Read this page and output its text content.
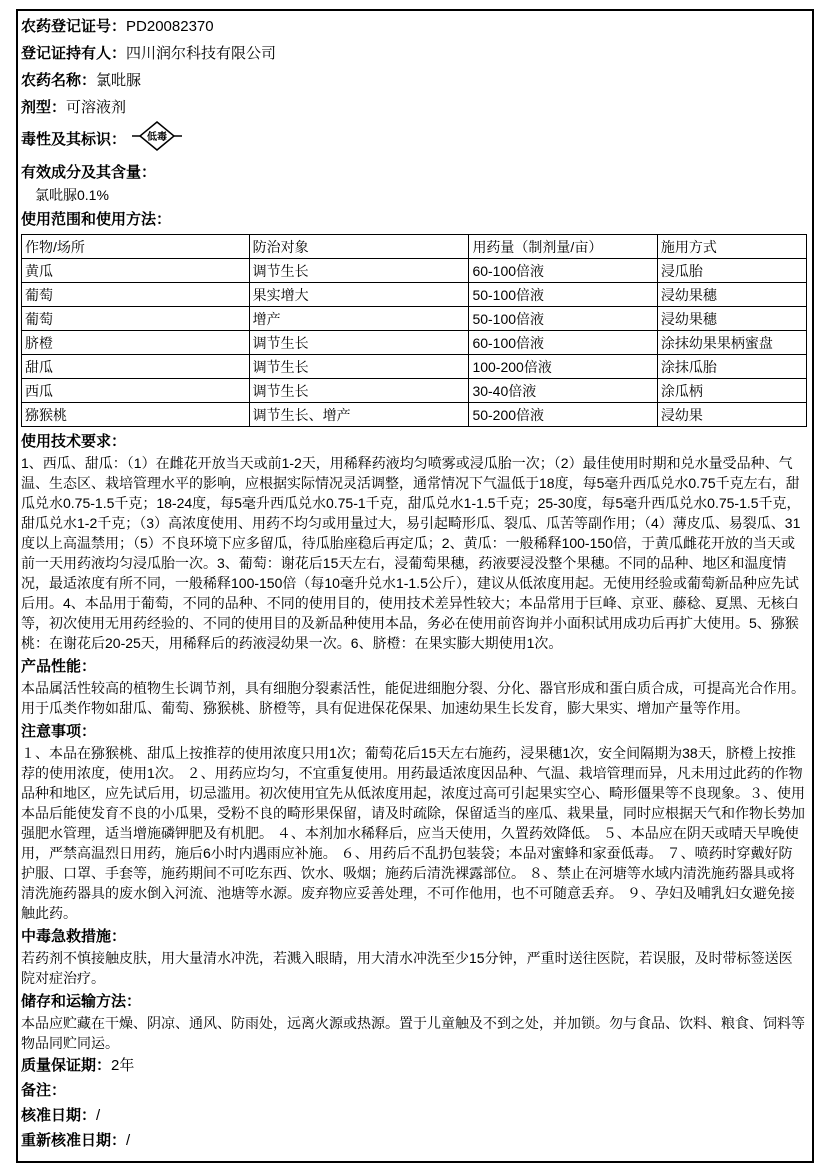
农药登记证号：PD20082370
登记证持有人：四川润尔科技有限公司
农药名称：氯吡脲
剂型：可溶液剂
毒性及其标识： 低毒
有效成分及其含量：
氯吡脲0.1%
使用范围和使用方法：
作物/场所	防治对象	用药量（制剂量/亩）	施用方式
黄瓜	调节生长	60-100倍液	浸瓜胎
葡萄	果实增大	50-100倍液	浸幼果穗
葡萄	增产	50-100倍液	浸幼果穗
脐橙	调节生长	60-100倍液	涂抹幼果果柄蜜盘
甜瓜	调节生长	100-200倍液	涂抹瓜胎
西瓜	调节生长	30-40倍液	涂瓜柄
猕猴桃	调节生长、增产	50-200倍液	浸幼果
使用技术要求：

1、西瓜、甜瓜：（1）在雌花开放当天或前1-2天，用稀释药液均匀喷雾或浸瓜胎一次；（2）最佳使用时期和兑水量受品种、气温、生态区、栽培管理水平的影响，应根据实际情况灵活调整，通常情况下气温低于18度，每5毫升西瓜兑水0.75千克左右，甜瓜兑水0.75-1.5千克；18-24度，每5毫升西瓜兑水0.75-1千克，甜瓜兑水1-1.5千克；25-30度，每5毫升西瓜兑水0.75-1.5千克，甜瓜兑水1-2千克；（3）高浓度使用、用药不均匀或用量过大，易引起畸形瓜、裂瓜、瓜苦等副作用；（4）薄皮瓜、易裂瓜、31度以上高温禁用；（5）不良环境下应多留瓜，待瓜胎座稳后再定瓜；2、黄瓜：一般稀释100-150倍，于黄瓜雌花开放的当天或前一天用药液均匀浸瓜胎一次。3、葡萄：谢花后15天左右，浸葡萄果穗，药液要浸没整个果穗。不同的品种、地区和温度情况，最适浓度有所不同，一般稀释100-150倍（每10毫升兑水1-1.5公斤），建议从低浓度用起。无使用经验或葡萄新品种应先试后用。4、本品用于葡萄，不同的品种、不同的使用目的，使用技术差异性较大；本品常用于巨峰、京亚、藤稔、夏黑、无核白等，初次使用无用药经验的、不同的使用目的及新品种使用本品，务必在使用前咨询并小面积试用成功后再扩大使用。5、猕猴桃：在谢花后20-25天，用稀释后的药液浸幼果一次。6、脐橙：在果实膨大期使用1次。

产品性能：

本品属活性较高的植物生长调节剂，具有细胞分裂素活性，能促进细胞分裂、分化、器官形成和蛋白质合成，可提高光合作用。用于瓜类作物如甜瓜、葡萄、猕猴桃、脐橙等，具有促进保花保果、加速幼果生长发育，膨大果实、增加产量等作用。

注意事项：

１、本品在猕猴桃、甜瓜上按推荐的使用浓度只用1次；葡萄花后15天左右施药，浸果穗1次，安全间隔期为38天，脐橙上按推荐的使用浓度，使用1次。 ２、用药应均匀，不宜重复使用。用药最适浓度因品种、气温、栽培管理而异，凡未用过此药的作物品种和地区，应先试后用，切忌滥用。初次使用宜先从低浓度用起，浓度过高可引起果实空心、畸形僵果等不良现象。３、使用本品后能使发育不良的小瓜果，受粉不良的畸形果保留，请及时疏除，保留适当的座瓜、栽果量，同时应根据天气和作物长势加强肥水管理，适当增施磷钾肥及有机肥。 ４、本剂加水稀释后，应当天使用，久置药效降低。 ５、本品应在阴天或晴天早晚使用，严禁高温烈日用药，施后6小时内遇雨应补施。 ６、用药后不乱扔包装袋；本品对蜜蜂和家蚕低毒。 ７、喷药时穿戴好防护服、口罩、手套等，施药期间不可吃东西、饮水、吸烟；施药后清洗裸露部位。 ８、禁止在河塘等水域内清洗施药器具或将清洗施药器具的废水倒入河流、池塘等水源。废弃物应妥善处理，不可作他用，也不可随意丢弃。 ９、孕妇及哺乳妇女避免接触此药。

中毒急救措施：

若药剂不慎接触皮肤，用大量清水冲洗，若溅入眼睛，用大清水冲洗至少15分钟，严重时送往医院，若误服，及时带标签送医院对症治疗。

储存和运输方法：

本品应贮藏在干燥、阴凉、通风、防雨处，远离火源或热源。置于儿童触及不到之处，并加锁。勿与食品、饮料、粮食、饲料等物品同贮同运。

质量保证期：2年
备注：
核准日期：/
重新核准日期：/
